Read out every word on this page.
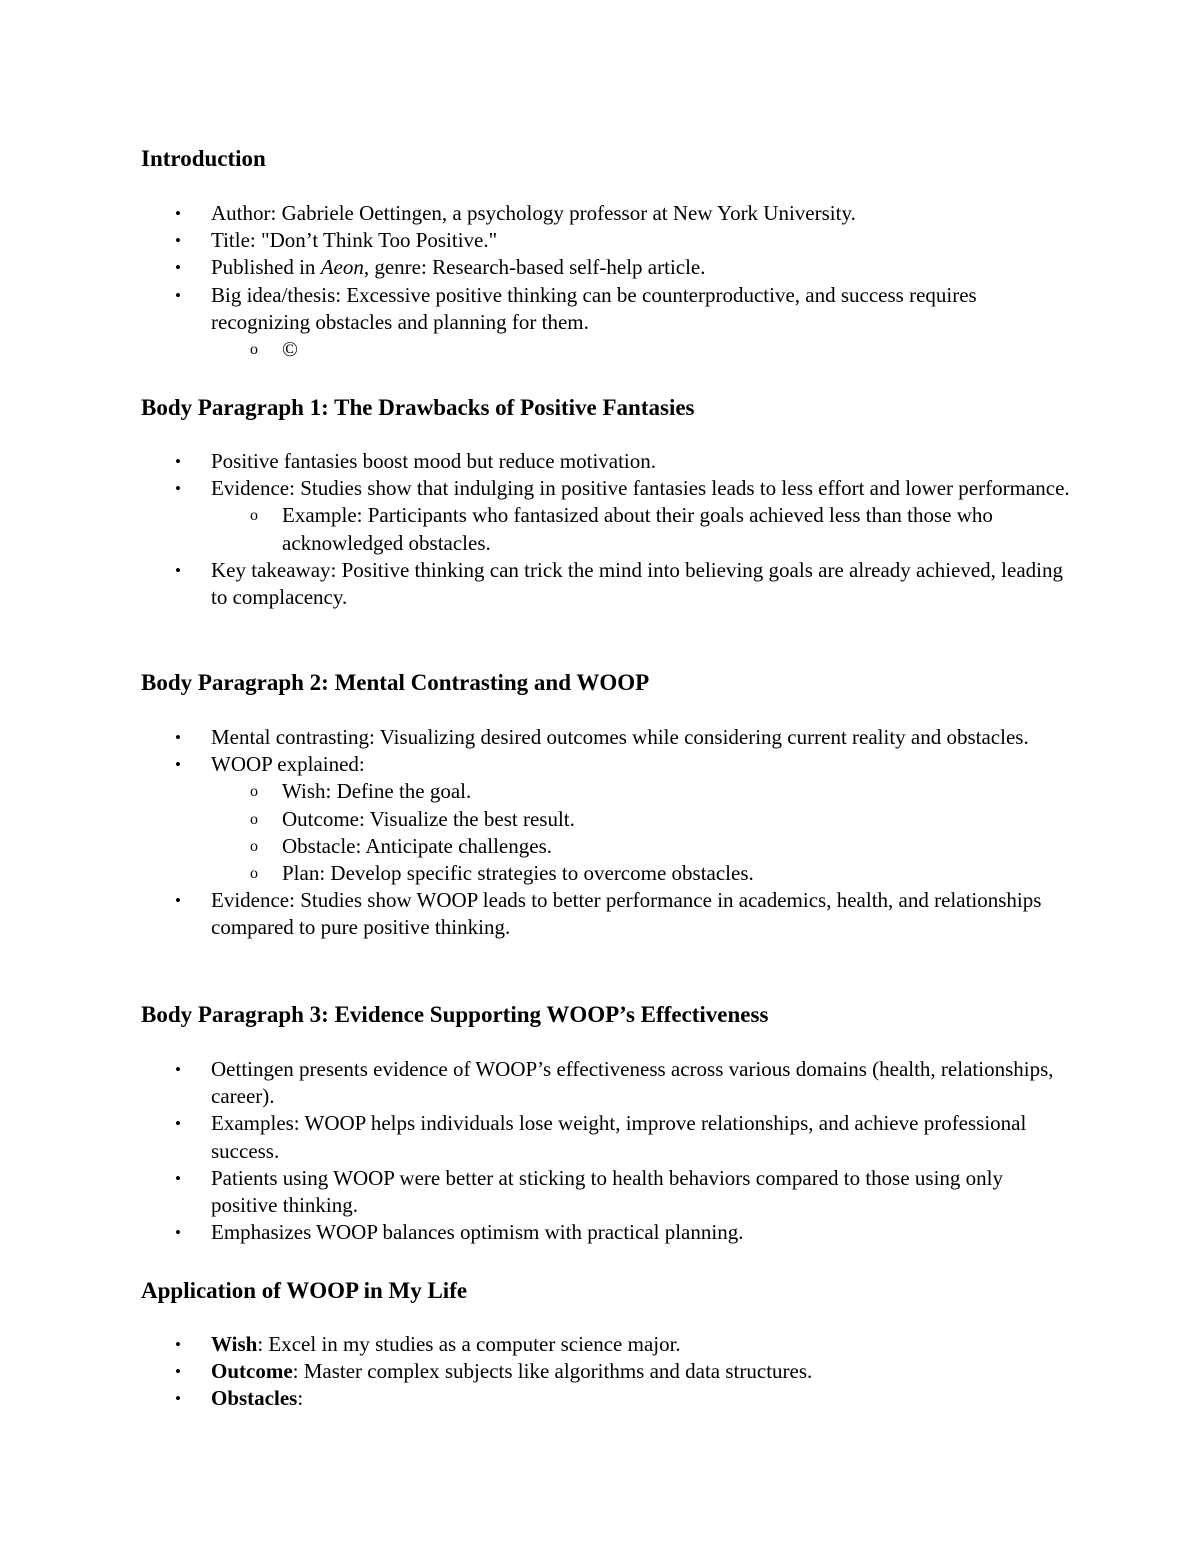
Introduction
• Author: Gabriele Oettingen, a psychology professor at New York University.
• Title: "Don’t Think Too Positive."
• Published in Aeon, genre: Research-based self-help article.
• Big idea/thesis: Excessive positive thinking can be counterproductive, and success requires recognizing obstacles and planning for them.
o ©
Body Paragraph 1: The Drawbacks of Positive Fantasies
• Positive fantasies boost mood but reduce motivation.
• Evidence: Studies show that indulging in positive fantasies leads to less effort and lower performance.
o Example: Participants who fantasized about their goals achieved less than those who acknowledged obstacles.
• Key takeaway: Positive thinking can trick the mind into believing goals are already achieved, leading to complacency.
Body Paragraph 2: Mental Contrasting and WOOP
• Mental contrasting: Visualizing desired outcomes while considering current reality and obstacles.
• WOOP explained:
o Wish: Define the goal.
o Outcome: Visualize the best result.
o Obstacle: Anticipate challenges.
o Plan: Develop specific strategies to overcome obstacles.
• Evidence: Studies show WOOP leads to better performance in academics, health, and relationships compared to pure positive thinking.
Body Paragraph 3: Evidence Supporting WOOP’s Effectiveness
• Oettingen presents evidence of WOOP’s effectiveness across various domains (health, relationships, career).
• Examples: WOOP helps individuals lose weight, improve relationships, and achieve professional success.
• Patients using WOOP were better at sticking to health behaviors compared to those using only positive thinking.
• Emphasizes WOOP balances optimism with practical planning.
Application of WOOP in My Life
• Wish: Excel in my studies as a computer science major.
• Outcome: Master complex subjects like algorithms and data structures.
• Obstacles:
